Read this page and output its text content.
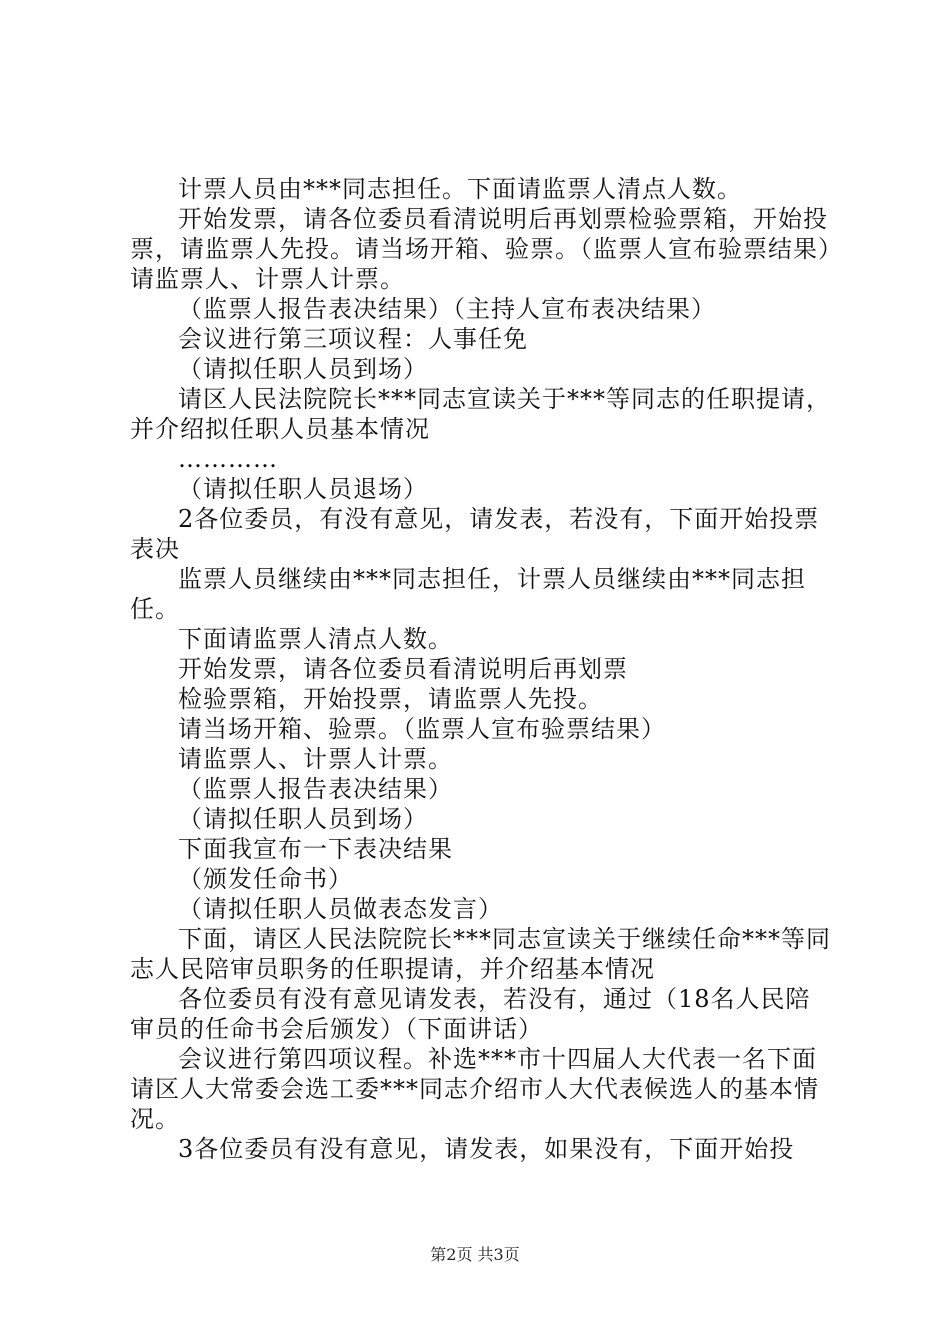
计票人员由***同志担任。下面请监票人清点人数。

开始发票，请各位委员看清说明后再划票检验票箱，开始投票，请监票人先投。请当场开箱、验票。（监票人宣布验票结果）请监票人、计票人计票。

（监票人报告表决结果）（主持人宣布表决结果）

会议进行第三项议程：人事任免

（请拟任职人员到场）

请区人民法院院长***同志宣读关于***等同志的任职提请，并介绍拟任职人员基本情况

…………

（请拟任职人员退场）

2各位委员，有没有意见，请发表，若没有，下面开始投票表决

监票人员继续由***同志担任，计票人员继续由***同志担任。

下面请监票人清点人数。

开始发票，请各位委员看清说明后再划票

检验票箱，开始投票，请监票人先投。

请当场开箱、验票。（监票人宣布验票结果）

请监票人、计票人计票。

（监票人报告表决结果）

（请拟任职人员到场）

下面我宣布一下表决结果

（颁发任命书）

（请拟任职人员做表态发言）

下面，请区人民法院院长***同志宣读关于继续任命***等同志人民陪审员职务的任职提请，并介绍基本情况

各位委员有没有意见请发表，若没有，通过（18名人民陪审员的任命书会后颁发）（下面讲话）

会议进行第四项议程。补选***市十四届人大代表一名下面请区人大常委会选工委***同志介绍市人大代表候选人的基本情况。

3各位委员有没有意见，请发表，如果没有，下面开始投

第2页 共3页
